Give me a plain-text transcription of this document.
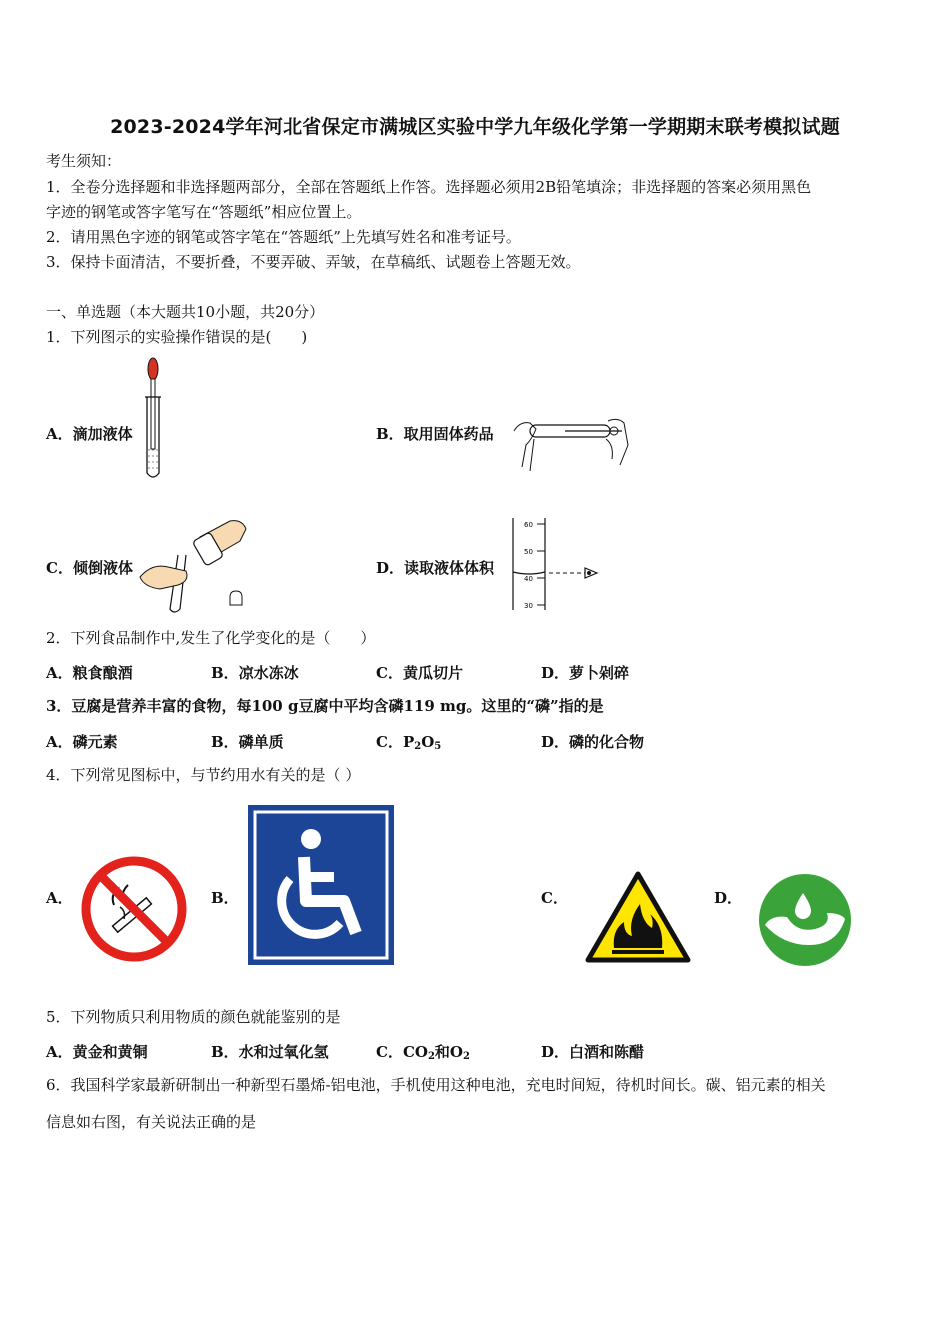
2023-2024学年河北省保定市满城区实验中学九年级化学第一学期期末联考模拟试题
考生须知：
1．全卷分选择题和非选择题两部分，全部在答题纸上作答。选择题必须用2B铅笔填涂；非选择题的答案必须用黑色
字迹的钢笔或答字笔写在“答题纸”相应位置上。
2．请用黑色字迹的钢笔或答字笔在“答题纸”上先填写姓名和准考证号。
3．保持卡面清洁，不要折叠，不要弄破、弄皱，在草稿纸、试题卷上答题无效。
一、单选题（本大题共10小题，共20分）
1．下列图示的实验操作错误的是(　　)
A．滴加液体	B．取用固体药品
C．倾倒液体	D．读取液体体积
60
50
40
30
2．下列食品制作中,发生了化学变化的是（　　）
A．粮食酿酒	B．凉水冻冰	C．黄瓜切片	D．萝卜剁碎
3．豆腐是营养丰富的食物，每100 g豆腐中平均含磷119 mg。这里的“磷”指的是
A．磷元素	B．磷单质	C．$P_2O_5$	D．磷的化合物
4．下列常见图标中，与节约用水有关的是（ ）
A．	B．	C．	D．
5．下列物质只利用物质的颜色就能鉴别的是
A．黄金和黄铜	B．水和过氧化氢	C．$CO_2$和$O_2$	D．白酒和陈醋
6．我国科学家最新研制出一种新型石墨烯-铝电池，手机使用这种电池，充电时间短，待机时间长。碳、铝元素的相关
信息如右图，有关说法正确的是
